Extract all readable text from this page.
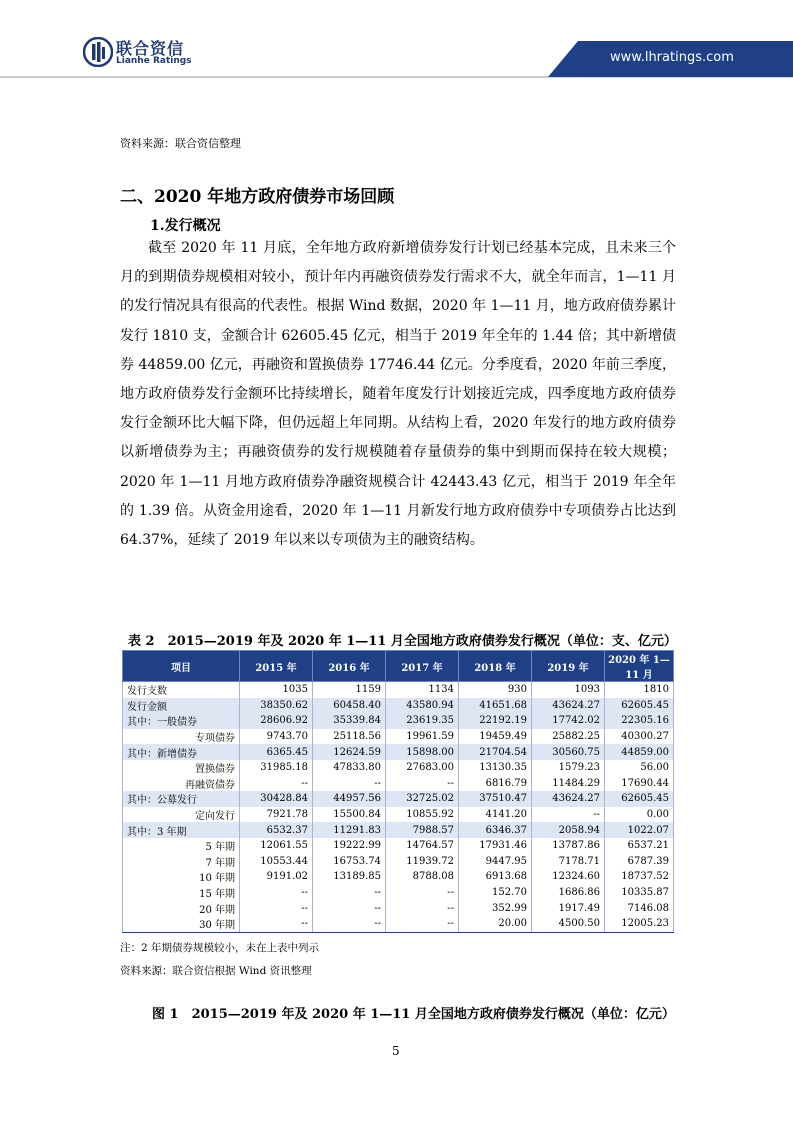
联合资信
Lianhe Ratings	www.lhratings.com
资料来源：联合资信整理
二、2020 年地方政府债券市场回顾
1.发行概况

截至 2020 年 11 月底，全年地方政府新增债券发行计划已经基本完成，且未来三个月的到期债券规模相对较小，预计年内再融资债券发行需求不大，就全年而言，1—11 月的发行情况具有很高的代表性。根据 Wind 数据，2020 年 1—11 月，地方政府债券累计发行 1810 支，金额合计 62605.45 亿元，相当于 2019 年全年的 1.44 倍；其中新增债券 44859.00 亿元，再融资和置换债券 17746.44 亿元。分季度看，2020 年前三季度，地方政府债券发行金额环比持续增长，随着年度发行计划接近完成，四季度地方政府债券发行金额环比大幅下降，但仍远超上年同期。从结构上看，2020 年发行的地方政府债券以新增债券为主；再融资债券的发行规模随着存量债券的集中到期而保持在较大规模；2020 年 1—11 月地方政府债券净融资规模合计 42443.43 亿元，相当于 2019 年全年的 1.39 倍。从资金用途看，2020 年 1—11 月新发行地方政府债券中专项债券占比达到 64.37%，延续了 2019 年以来以专项债为主的融资结构。

表 2　2015—2019 年及 2020 年 1—11 月全国地方政府债券发行概况（单位：支、亿元）
项目	2015 年	2016 年	2017 年	2018 年	2019 年	2020 年 1—11 月
发行支数	1035	1159	1134	930	1093	1810
发行金额	38350.62	60458.40	43580.94	41651.68	43624.27	62605.45
其中：一般债券	28606.92	35339.84	23619.35	22192.19	17742.02	22305.16
专项债券	9743.70	25118.56	19961.59	19459.49	25882.25	40300.27
其中：新增债券	6365.45	12624.59	15898.00	21704.54	30560.75	44859.00
置换债券	31985.18	47833.80	27683.00	13130.35	1579.23	56.00
再融资债券	--	--	--	6816.79	11484.29	17690.44
其中：公募发行	30428.84	44957.56	32725.02	37510.47	43624.27	62605.45
定向发行	7921.78	15500.84	10855.92	4141.20	--	0.00
其中：3 年期	6532.37	11291.83	7988.57	6346.37	2058.94	1022.07
5 年期	12061.55	19222.99	14764.57	17931.46	13787.86	6537.21
7 年期	10553.44	16753.74	11939.72	9447.95	7178.71	6787.39
10 年期	9191.02	13189.85	8788.08	6913.68	12324.60	18737.52
15 年期	--	--	--	152.70	1686.86	10335.87
20 年期	--	--	--	352.99	1917.49	7146.08
30 年期	--	--	--	20.00	4500.50	12005.23
注：2 年期债券规模较小，未在上表中列示
资料来源：联合资信根据 Wind 资讯整理
图 1　2015—2019 年及 2020 年 1—11 月全国地方政府债券发行概况（单位：亿元）
5
